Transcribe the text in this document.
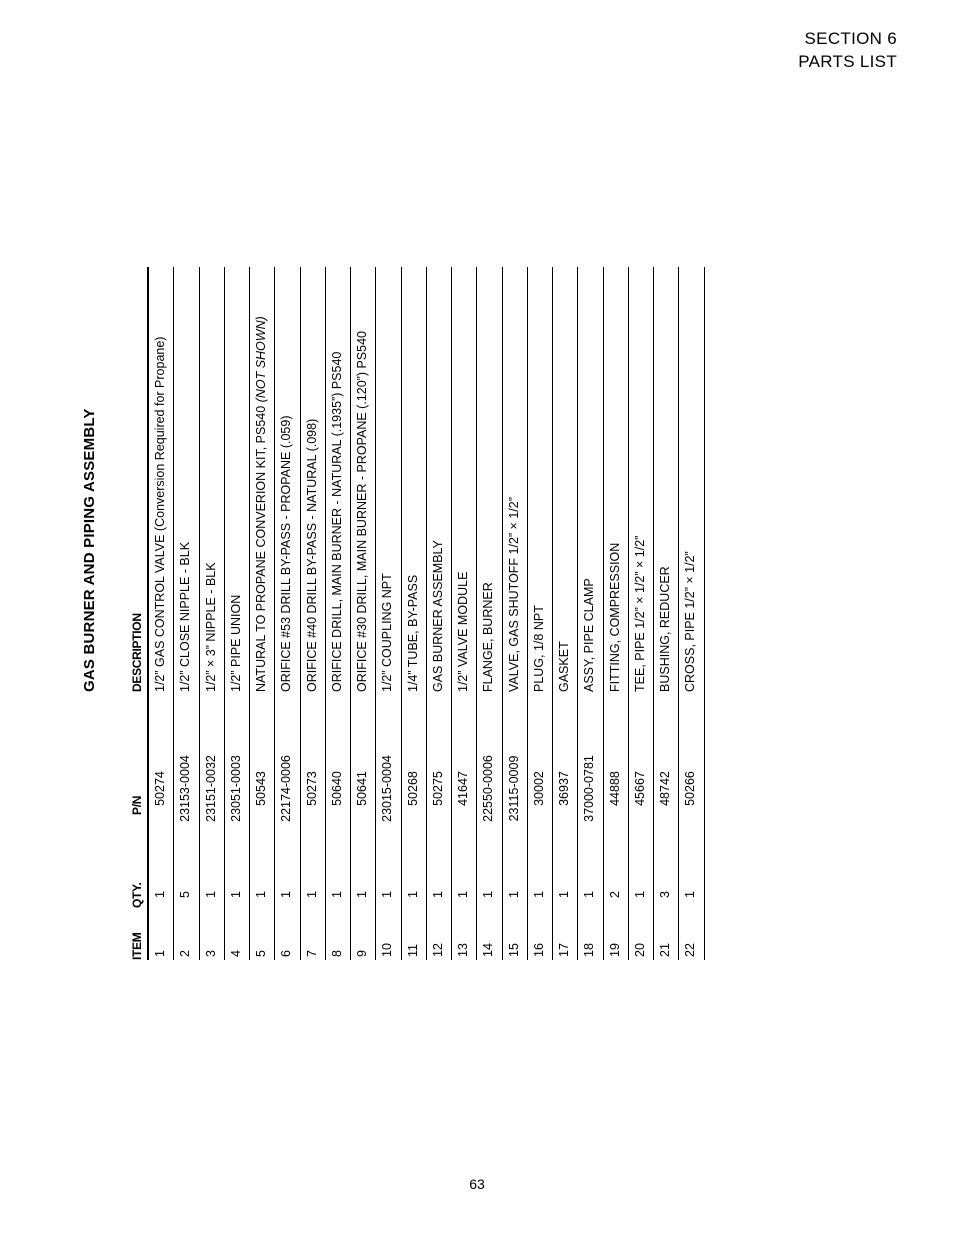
SECTION 6
PARTS LIST
GAS BURNER AND PIPING ASSEMBLY
ITEM
QTY.
P/N
DESCRIPTION
1
1
50274
1/2” GAS CONTROL VALVE (Conversion Required for Propane)
2
5
23153-0004
1/2” CLOSE NIPPLE - BLK
3
1
23151-0032
1/2” × 3” NIPPLE - BLK
4
1
23051-0003
1/2” PIPE UNION
5
1
50543
NATURAL TO PROPANE CONVERION KIT, PS540 (NOT SHOWN)
6
1
22174-0006
ORIFICE #53 DRILL BY-PASS - PROPANE (.059)
7
1
50273
ORIFICE #40 DRILL BY-PASS - NATURAL (.098)
8
1
50640
ORIFICE DRILL, MAIN BURNER - NATURAL (.1935”) PS540
9
1
50641
ORIFICE #30 DRILL, MAIN BURNER - PROPANE (.120”) PS540
10
1
23015-0004
1/2” COUPLING NPT
11
1
50268
1/4” TUBE, BY-PASS
12
1
50275
GAS BURNER ASSEMBLY
13
1
41647
1/2” VALVE MODULE
14
1
22550-0006
FLANGE, BURNER
15
1
23115-0009
VALVE, GAS SHUTOFF 1/2” × 1/2”
16
1
30002
PLUG, 1/8 NPT
17
1
36937
GASKET
18
1
37000-0781
ASSY, PIPE CLAMP
19
2
44888
FITTING, COMPRESSION
20
1
45667
TEE, PIPE 1/2” × 1/2” × 1/2”
21
3
48742
BUSHING, REDUCER
22
1
50266
CROSS, PIPE 1/2” × 1/2”
63
